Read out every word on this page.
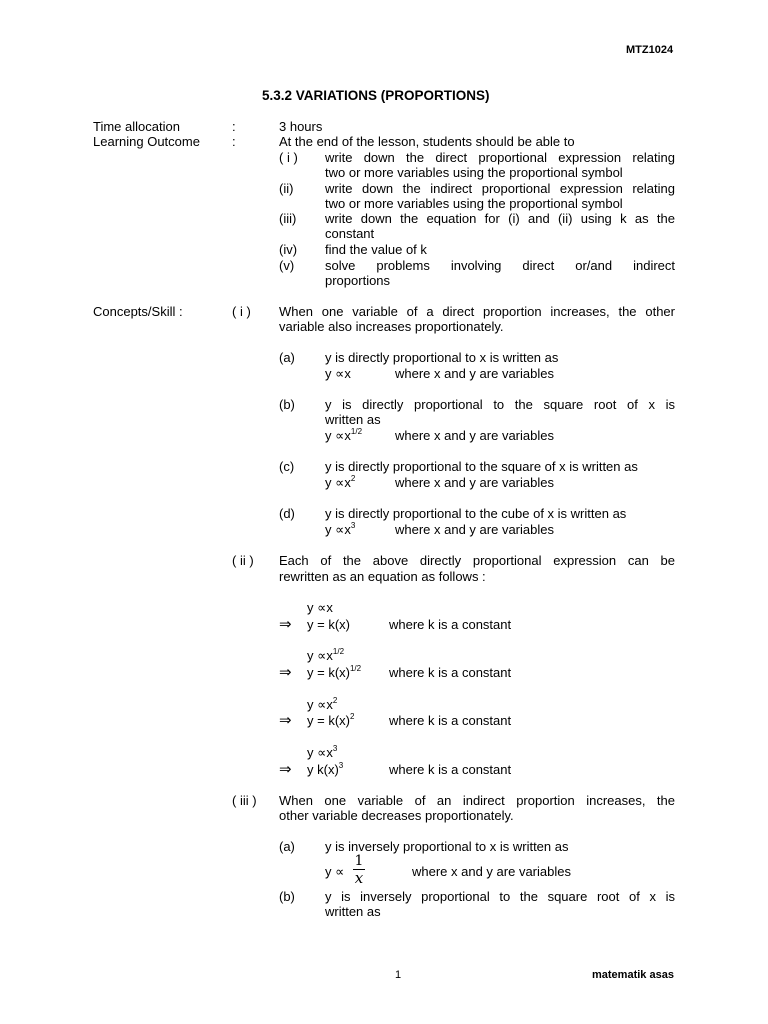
MTZ1024
5.3.2 VARIATIONS (PROPORTIONS)
Time allocation	:	3 hours
Learning Outcome :	At the end of the lesson, students should be able to
( i ) write down the direct proportional expression relating
two or more variables using the proportional symbol
(ii) write down the indirect proportional expression relating
two or more variables using the proportional symbol
(iii) write down the equation for (i) and (ii) using k as the
constant
(iv) find the value of k
(v) solve problems involving direct or/and indirect
proportions
Concepts/Skill :	( i ) When one variable of a direct proportion increases, the other
variable also increases proportionately.
(a) y is directly proportional to x is written as
y ∝x	where x and y are variables
(b) y is directly proportional to the square root of x is
written as
$y \propto x^{1/2}$	where x and y are variables
(c) y is directly proportional to the square of x is written as
$y \propto x^2$	where x and y are variables
(d) y is directly proportional to the cube of x is written as
$y \propto x^3$	where x and y are variables
( ii ) Each of the above directly proportional expression can be
rewritten as an equation as follows :
y ∝x
⇒ y = k(x)	where k is a constant
$y \propto x^{1/2}$
⇒ $y = k(x)^{1/2}$ where k is a constant
$y \propto x^2$
⇒ $y = k(x)^2$	where k is a constant
$y \propto x^3$
⇒ y $k(x)^3$	where k is a constant
( iii ) When one variable of an indirect proportion increases, the
other variable decreases proportionately.
(a) y is inversely proportional to x is written as
y ∝
1
x	where x and y are variables
(b) y is inversely proportional to the square root of x is
written as
1	matematik asas
